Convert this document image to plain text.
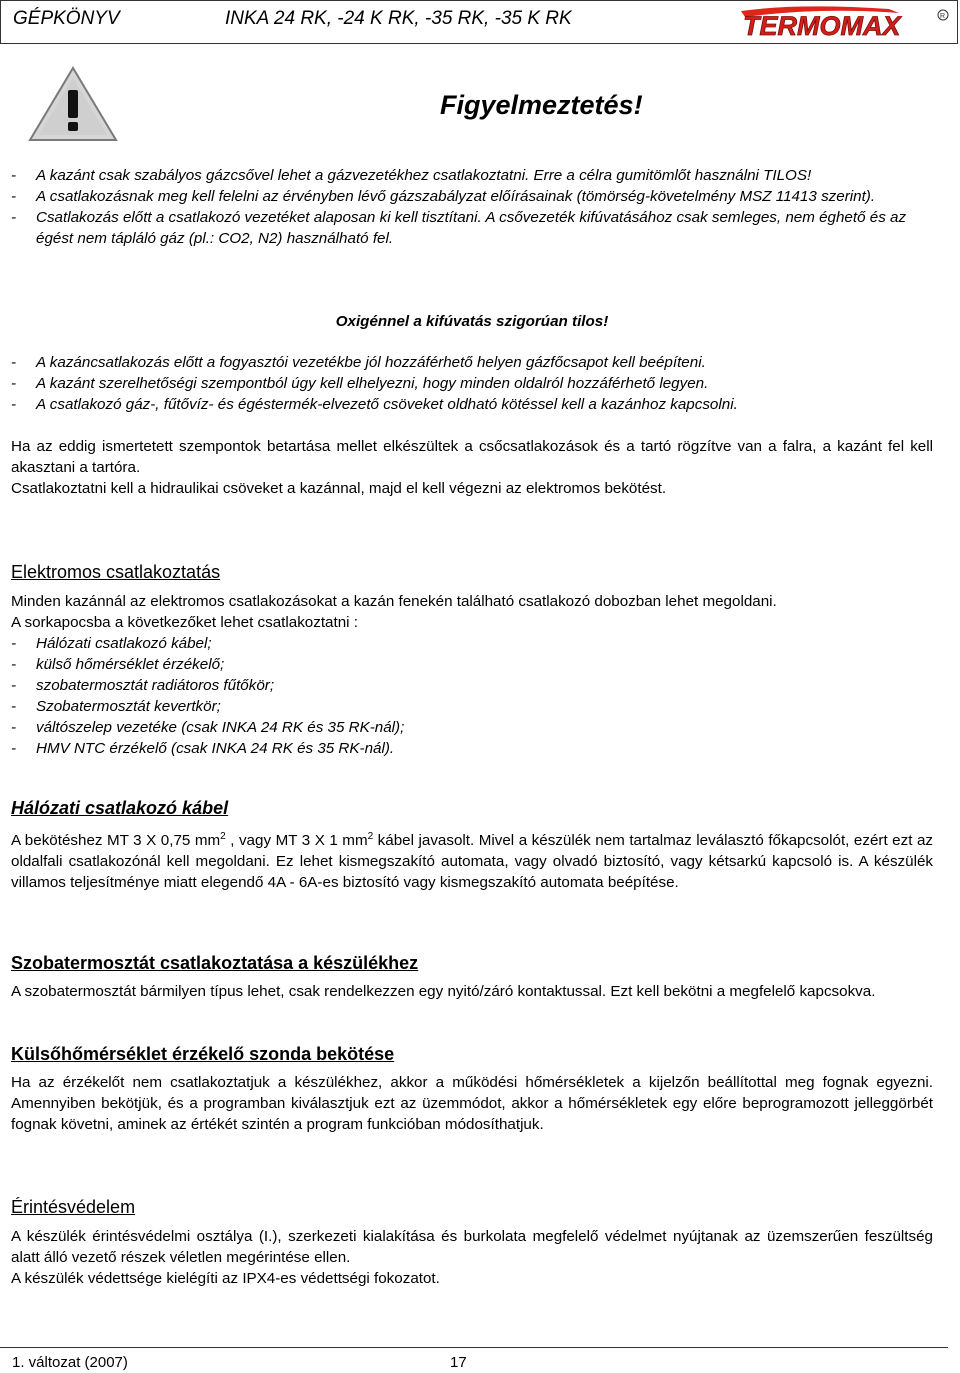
GÉPKÖNYV	INKA 24 RK, -24 K RK, -35 RK, -35 K RK	TERMOMAX	R
Figyelmeztetés!
- A kazánt csak szabályos gázcsővel lehet a gázvezetékhez csatlakoztatni. Erre a célra gumitömlőt használni TILOS!
- A csatlakozásnak meg kell felelni az érvényben lévő gázszabályzat előírásainak (tömörség-követelmény MSZ 11413 szerint).
- Csatlakozás előtt a csatlakozó vezetéket alaposan ki kell tisztítani. A csővezeték kifúvatásához csak semleges, nem éghető és az égést nem tápláló gáz (pl.: CO2, N2) használható fel.
Oxigénnel a kifúvatás szigorúan tilos!
- A kazáncsatlakozás előtt a fogyasztói vezetékbe jól hozzáférhető helyen gázfőcsapot kell beépíteni.
- A kazánt szerelhetőségi szempontból úgy kell elhelyezni, hogy minden oldalról hozzáférhető legyen.
- A csatlakozó gáz-, fűtővíz- és égéstermék-elvezető csöveket oldható kötéssel kell a kazánhoz kapcsolni.
Ha az eddig ismertetett szempontok betartása mellet elkészültek a csőcsatlakozások és a tartó rögzítve van a falra, a kazánt fel kell akasztani a tartóra.
Csatlakoztatni kell a hidraulikai csöveket a kazánnal, majd el kell végezni az elektromos bekötést.
Elektromos csatlakoztatás
Minden kazánnál az elektromos csatlakozásokat a kazán fenekén található csatlakozó dobozban lehet megoldani.
A sorkapocsba a következőket lehet csatlakoztatni :
- Hálózati csatlakozó kábel;
- külső hőmérséklet érzékelő;
- szobatermosztát radiátoros fűtőkör;
- Szobatermosztát kevertkör;
- váltószelep vezetéke (csak INKA 24 RK és 35 RK-nál);
- HMV NTC érzékelő (csak INKA 24 RK és 35 RK-nál).
Hálózati csatlakozó kábel
A bekötéshez MT 3 X 0,75 $mm^2$ , vagy MT 3 X 1 $mm^2$ kábel javasolt. Mivel a készülék nem tartalmaz leválasztó főkapcsolót, ezért ezt az oldalfali csatlakozónál kell megoldani. Ez lehet kismegszakító automata, vagy olvadó biztosító, vagy kétsarkú kapcsoló is. A készülék villamos teljesítménye miatt elegendő 4A - 6A-es biztosító vagy kismegszakító automata beépítése.
Szobatermosztát csatlakoztatása a készülékhez
A szobatermosztát bármilyen típus lehet, csak rendelkezzen egy nyitó/záró kontaktussal. Ezt kell bekötni a megfelelő kapcsokva.
Külsőhőmérséklet érzékelő szonda bekötése
Ha az érzékelőt nem csatlakoztatjuk a készülékhez, akkor a működési hőmérsékletek a kijelzőn beállítottal meg fognak egyezni. Amennyiben bekötjük, és a programban kiválasztjuk ezt az üzemmódot, akkor a hőmérsékletek egy előre beprogramozott jelleggörbét fognak követni, aminek az értékét szintén a program funkcióban módosíthatjuk.
Érintésvédelem
A készülék érintésvédelmi osztálya (I.), szerkezeti kialakítása és burkolata megfelelő védelmet nyújtanak az üzemszerűen feszültség alatt álló vezető részek véletlen megérintése ellen.
A készülék védettsége kielégíti az IPX4-es védettségi fokozatot.
1. változat (2007)	17
